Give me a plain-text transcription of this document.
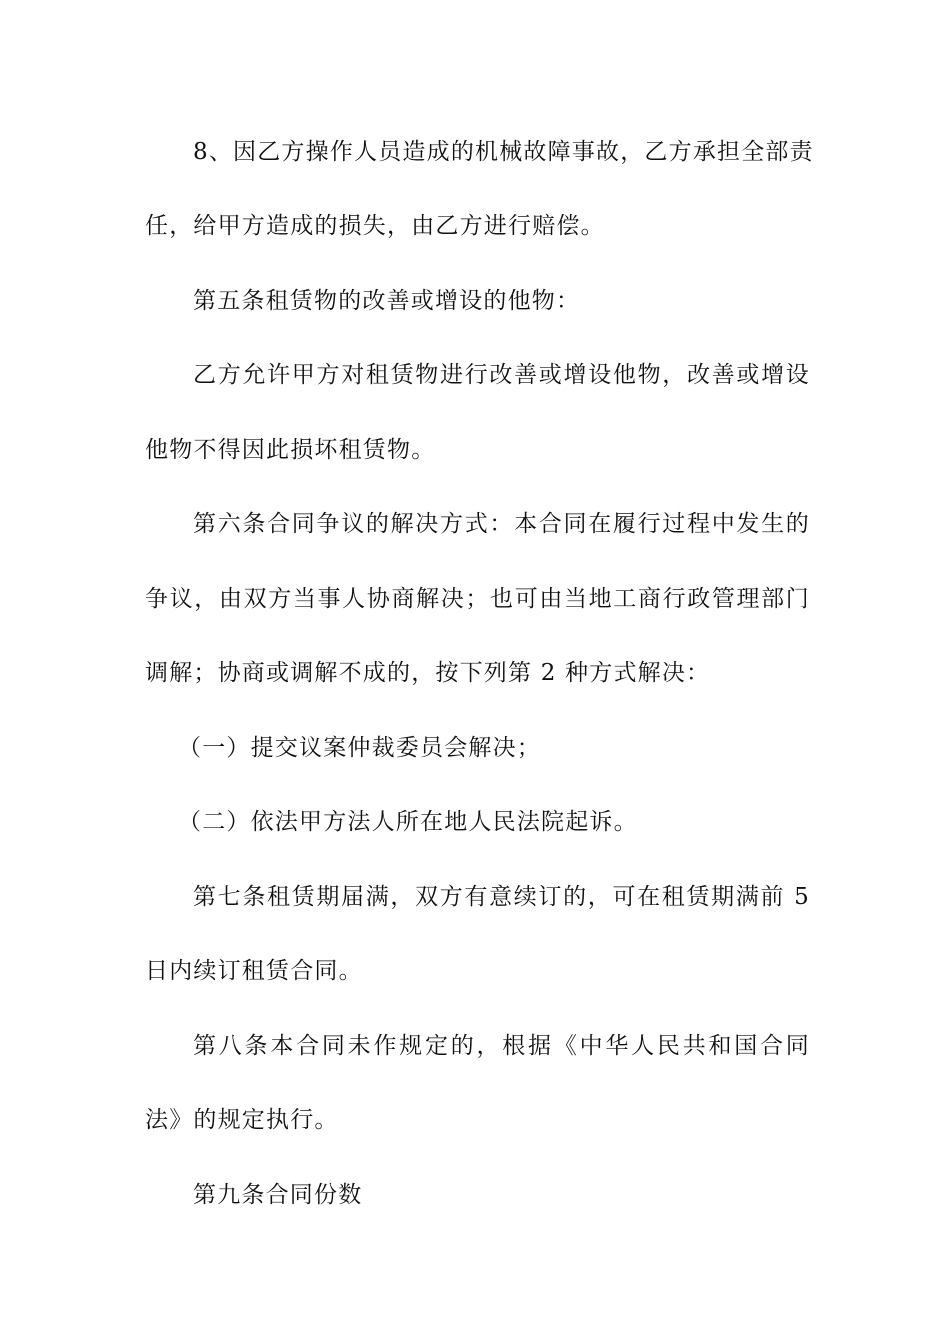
8、因乙方操作人员造成的机械故障事故，乙方承担全部责
任，给甲方造成的损失，由乙方进行赔偿。
第五条租赁物的改善或增设的他物：
乙方允许甲方对租赁物进行改善或增设他物，改善或增设
他物不得因此损坏租赁物。
第六条合同争议的解决方式：本合同在履行过程中发生的
争议，由双方当事人协商解决；也可由当地工商行政管理部门
调解；协商或调解不成的，按下列第 2 种方式解决：
（一）提交议案仲裁委员会解决；
（二）依法甲方法人所在地人民法院起诉。
第七条租赁期届满，双方有意续订的，可在租赁期满前 5
日内续订租赁合同。
第八条本合同未作规定的，根据《中华人民共和国合同
法》的规定执行。
第九条合同份数
